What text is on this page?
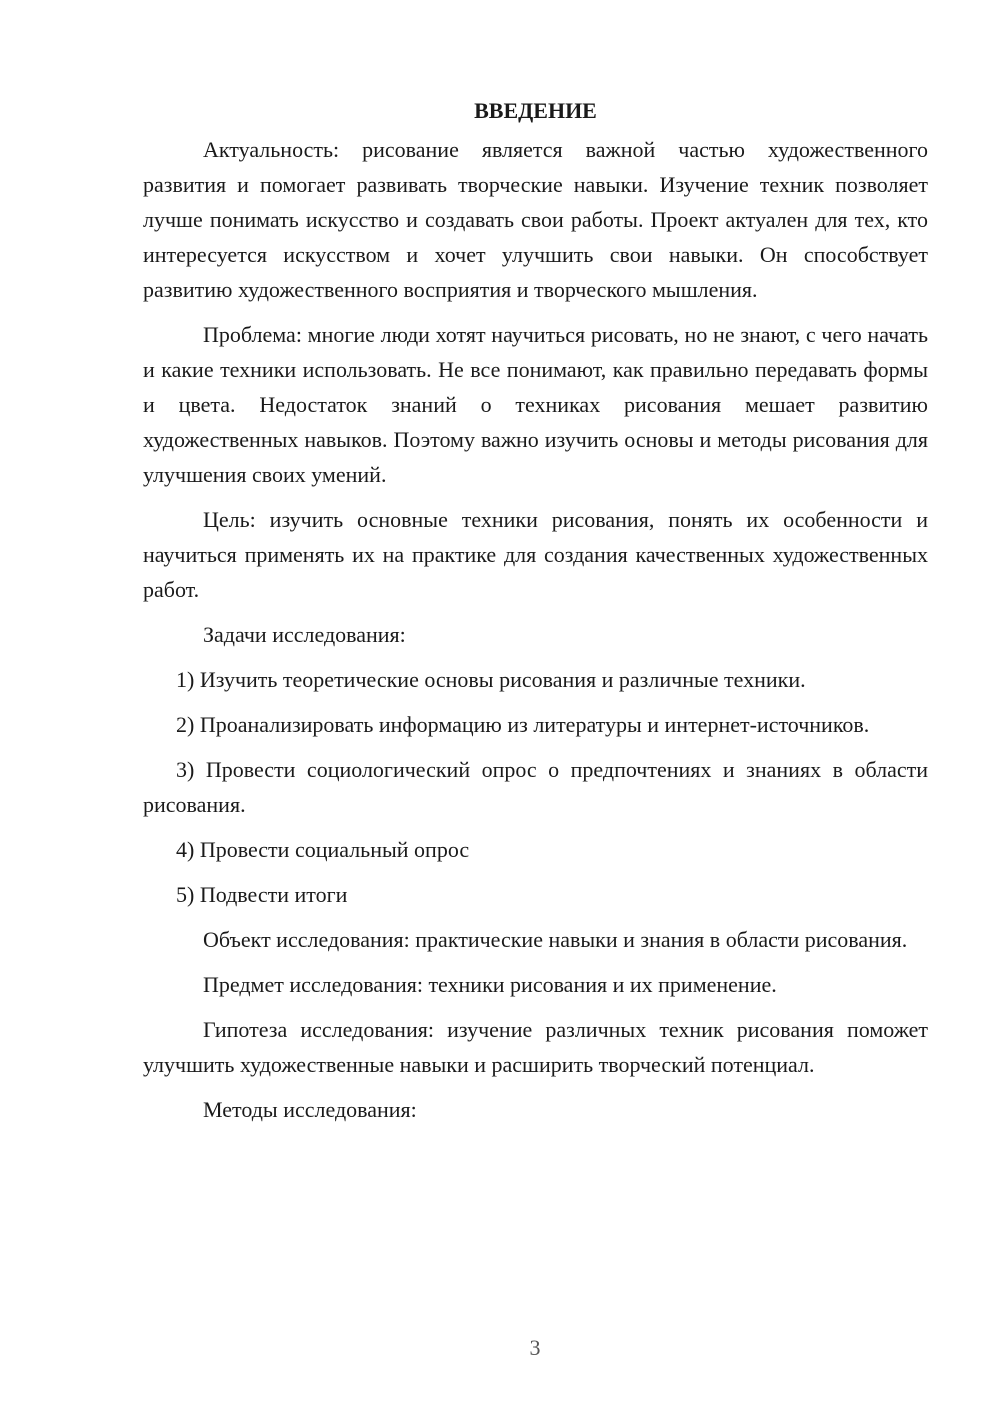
ВВЕДЕНИЕ

Актуальность: рисование является важной частью художественного развития и помогает развивать творческие навыки. Изучение техник позволяет лучше понимать искусство и создавать свои работы. Проект актуален для тех, кто интересуется искусством и хочет улучшить свои навыки. Он способствует развитию художественного восприятия и творческого мышления.

Проблема: многие люди хотят научиться рисовать, но не знают, с чего начать и какие техники использовать. Не все понимают, как правильно передавать формы и цвета. Недостаток знаний о техниках рисования мешает развитию художественных навыков. Поэтому важно изучить основы и методы рисования для улучшения своих умений.

Цель: изучить основные техники рисования, понять их особенности и научиться применять их на практике для создания качественных художественных работ.

Задачи исследования:

1) Изучить теоретические основы рисования и различные техники.

2) Проанализировать информацию из литературы и интернет-источников.

3) Провести социологический опрос о предпочтениях и знаниях в области рисования.

4) Провести социальный опрос

5) Подвести итоги

Объект исследования: практические навыки и знания в области рисования.

Предмет исследования: техники рисования и их применение.

Гипотеза исследования: изучение различных техник рисования поможет улучшить художественные навыки и расширить творческий потенциал.

Методы исследования:

3
